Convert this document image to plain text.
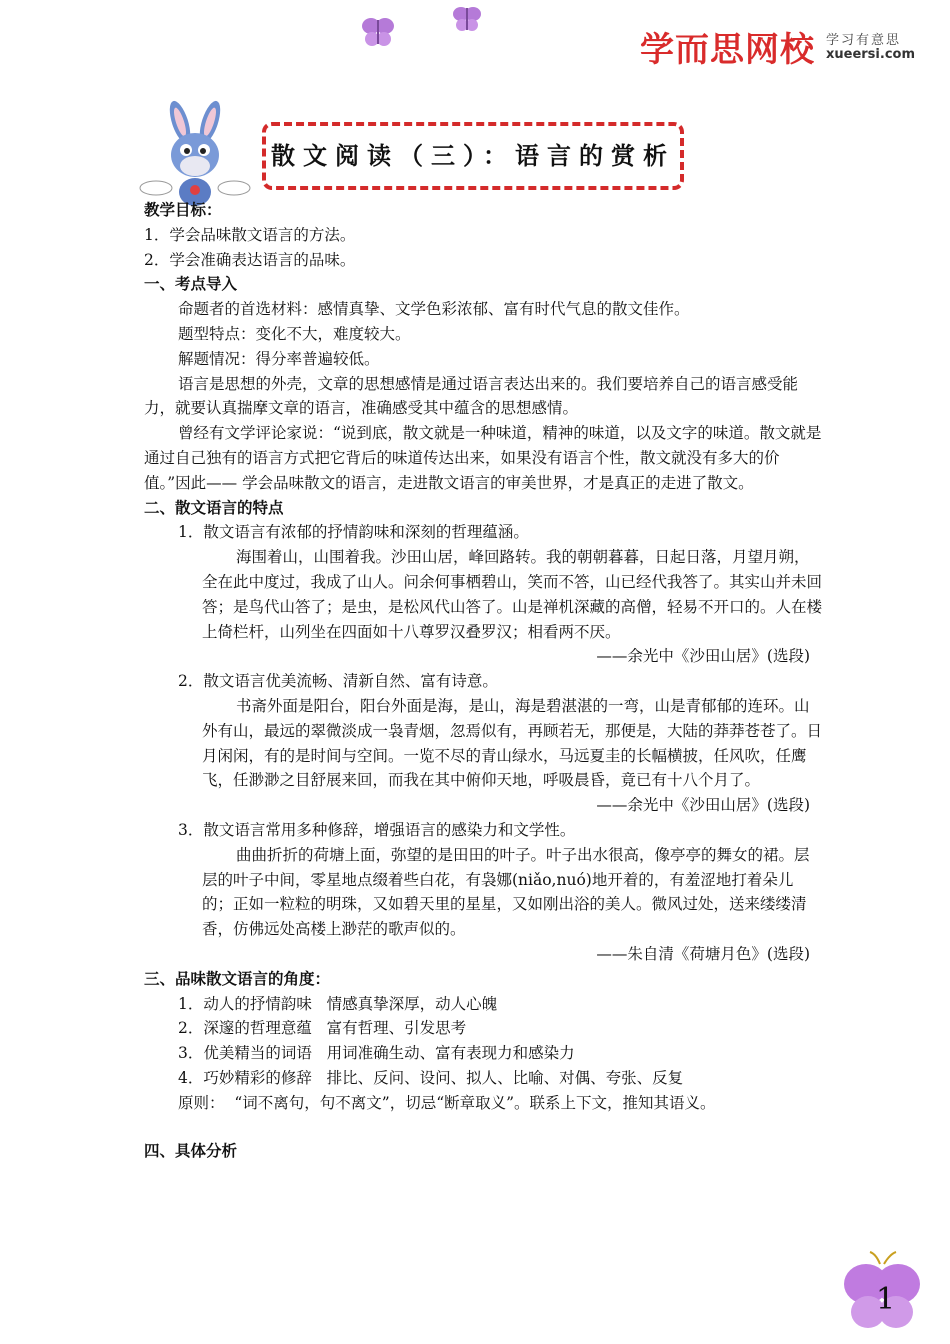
学而思网校 学习有意思
xueersi.com
散文阅读（三）：语言的赏析

教学目标：

1．学会品味散文语言的方法。

2．学会准确表达语言的品味。

一、考点导入

命题者的首选材料：感情真挚、文学色彩浓郁、富有时代气息的散文佳作。

题型特点：变化不大，难度较大。

解题情况：得分率普遍较低。

语言是思想的外壳，文章的思想感情是通过语言表达出来的。我们要培养自己的语言感受能力，就要认真揣摩文章的语言，准确感受其中蕴含的思想感情。

曾经有文学评论家说：“说到底，散文就是一种味道，精神的味道，以及文字的味道。散文就是通过自己独有的语言方式把它背后的味道传达出来，如果没有语言个性，散文就没有多大的价值。”因此—— 学会品味散文的语言，走进散文语言的审美世界，才是真正的走进了散文。

二、散文语言的特点

1．散文语言有浓郁的抒情韵味和深刻的哲理蕴涵。

海围着山，山围着我。沙田山居，峰回路转。我的朝朝暮暮，日起日落，月望月朔，全在此中度过，我成了山人。问余何事栖碧山，笑而不答，山已经代我答了。其实山并未回答；是鸟代山答了；是虫，是松风代山答了。山是禅机深藏的高僧，轻易不开口的。人在楼上倚栏杆，山列坐在四面如十八尊罗汉叠罗汉；相看两不厌。

——余光中《沙田山居》(选段)

2．散文语言优美流畅、清新自然、富有诗意。

书斋外面是阳台，阳台外面是海，是山，海是碧湛湛的一弯，山是青郁郁的连环。山外有山，最远的翠微淡成一袅青烟，忽焉似有，再顾若无，那便是，大陆的莽莽苍苍了。日月闲闲，有的是时间与空间。一览不尽的青山绿水，马远夏圭的长幅横披，任风吹，任鹰飞，任渺渺之目舒展来回，而我在其中俯仰天地，呼吸晨昏，竟已有十八个月了。

——余光中《沙田山居》(选段)

3．散文语言常用多种修辞，增强语言的感染力和文学性。

曲曲折折的荷塘上面，弥望的是田田的叶子。叶子出水很高，像亭亭的舞女的裙。层层的叶子中间，零星地点缀着些白花，有袅娜(niǎo,nuó)地开着的，有羞涩地打着朵儿的；正如一粒粒的明珠，又如碧天里的星星，又如刚出浴的美人。微风过处，送来缕缕清香，仿佛远处高楼上渺茫的歌声似的。

——朱自清《荷塘月色》(选段)

三、品味散文语言的角度：

1．动人的抒情韵味   情感真挚深厚，动人心魄

2．深邃的哲理意蕴   富有哲理、引发思考

3．优美精当的词语   用词准确生动、富有表现力和感染力

4．巧妙精彩的修辞   排比、反问、设问、拟人、比喻、对偶、夸张、反复

原则：  “词不离句，句不离文”，切忌“断章取义”。联系上下文，推知其语义。

四、具体分析

1
